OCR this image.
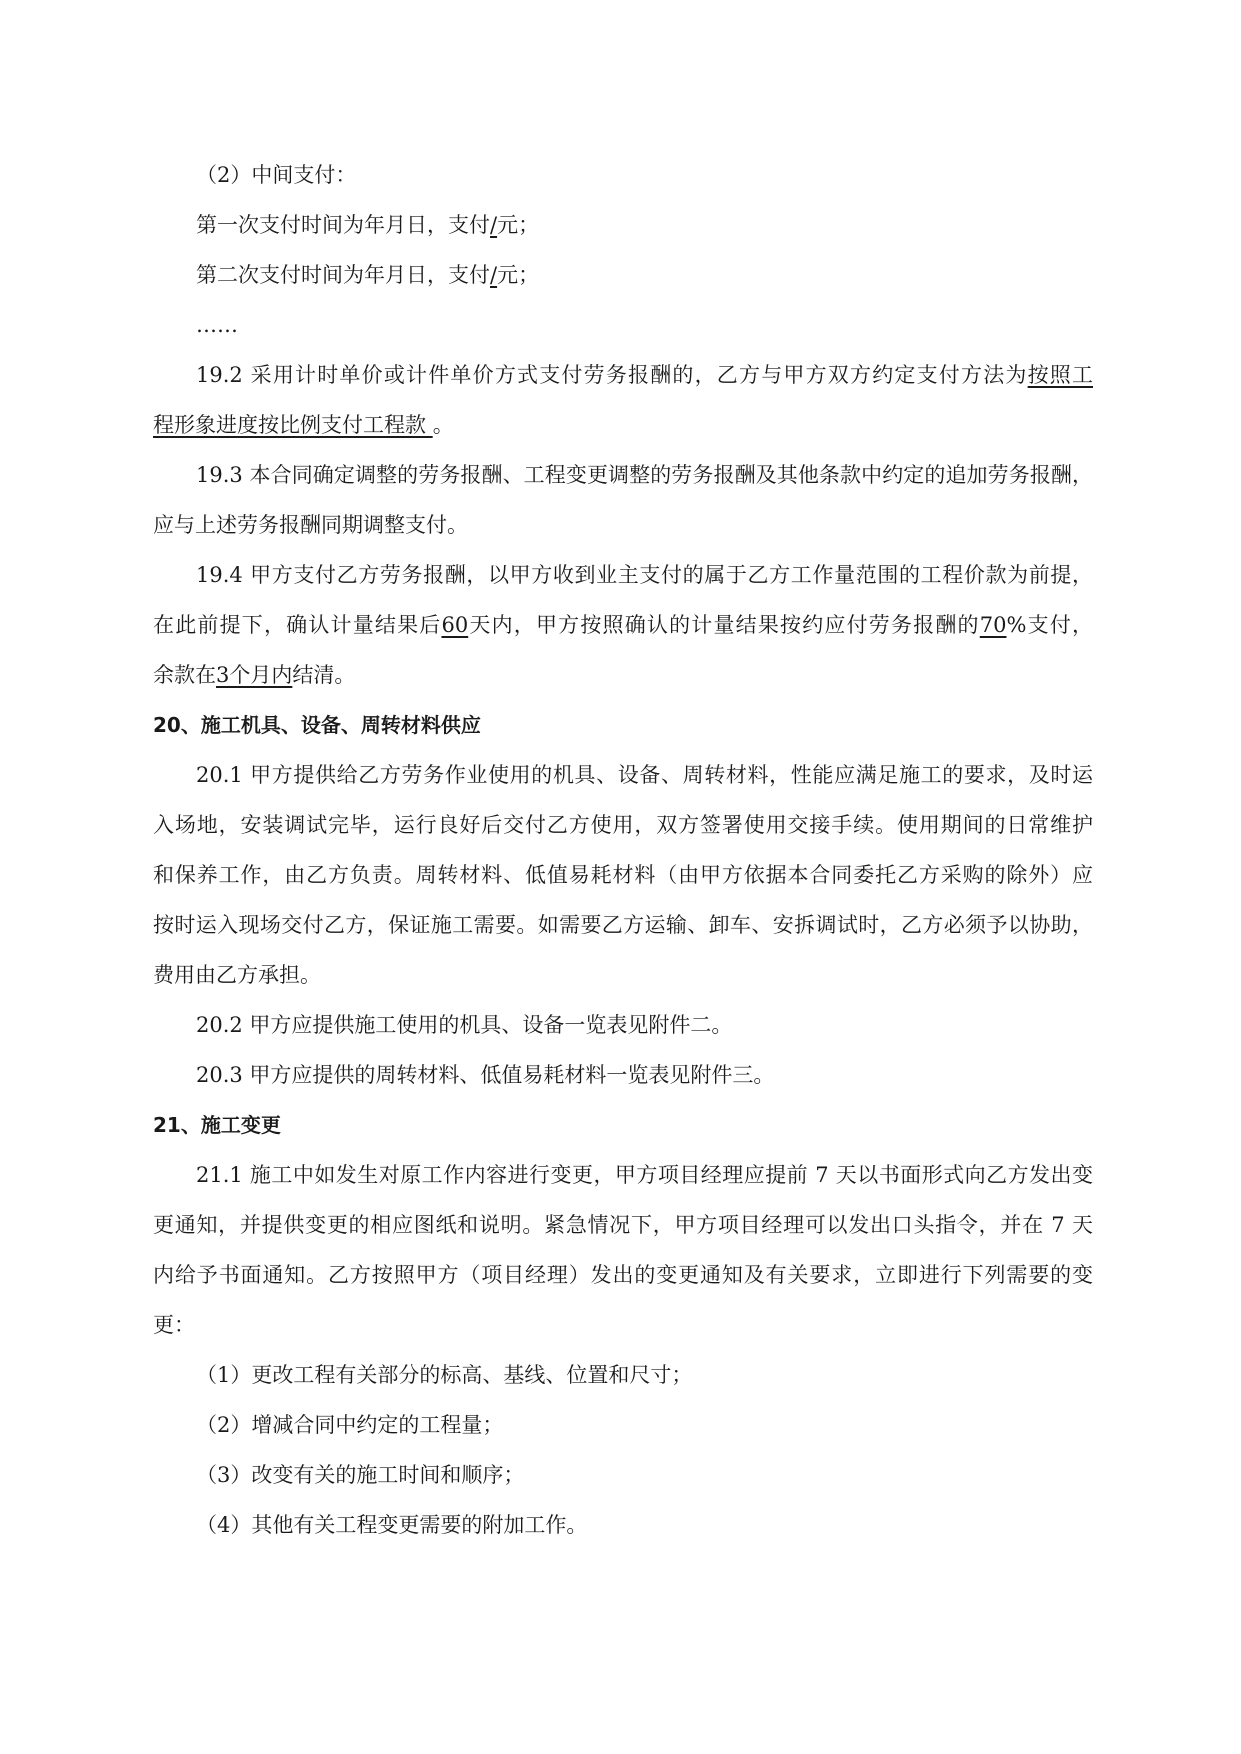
（2）中间支付：
第一次支付时间为年月日，支付/元；
第二次支付时间为年月日，支付/元；
……
19.2 采用计时单价或计件单价方式支付劳务报酬的，乙方与甲方双方约定支付方法为按照工
程形象进度按比例支付工程款 。
19.3 本合同确定调整的劳务报酬、工程变更调整的劳务报酬及其他条款中约定的追加劳务报酬，
应与上述劳务报酬同期调整支付。
19.4 甲方支付乙方劳务报酬，以甲方收到业主支付的属于乙方工作量范围的工程价款为前提，
在此前提下，确认计量结果后60天内，甲方按照确认的计量结果按约应付劳务报酬的70%支付，
余款在3个月内结清。
20、施工机具、设备、周转材料供应
20.1 甲方提供给乙方劳务作业使用的机具、设备、周转材料，性能应满足施工的要求，及时运
入场地，安装调试完毕，运行良好后交付乙方使用，双方签署使用交接手续。使用期间的日常维护
和保养工作，由乙方负责。周转材料、低值易耗材料（由甲方依据本合同委托乙方采购的除外）应
按时运入现场交付乙方，保证施工需要。如需要乙方运输、卸车、安拆调试时，乙方必须予以协助，
费用由乙方承担。
20.2 甲方应提供施工使用的机具、设备一览表见附件二。
20.3 甲方应提供的周转材料、低值易耗材料一览表见附件三。
21、施工变更
21.1 施工中如发生对原工作内容进行变更，甲方项目经理应提前 7 天以书面形式向乙方发出变
更通知，并提供变更的相应图纸和说明。紧急情况下，甲方项目经理可以发出口头指令，并在 7 天
内给予书面通知。乙方按照甲方（项目经理）发出的变更通知及有关要求，立即进行下列需要的变
更：
（1）更改工程有关部分的标高、基线、位置和尺寸；
（2）增减合同中约定的工程量；
（3）改变有关的施工时间和顺序；
（4）其他有关工程变更需要的附加工作。
